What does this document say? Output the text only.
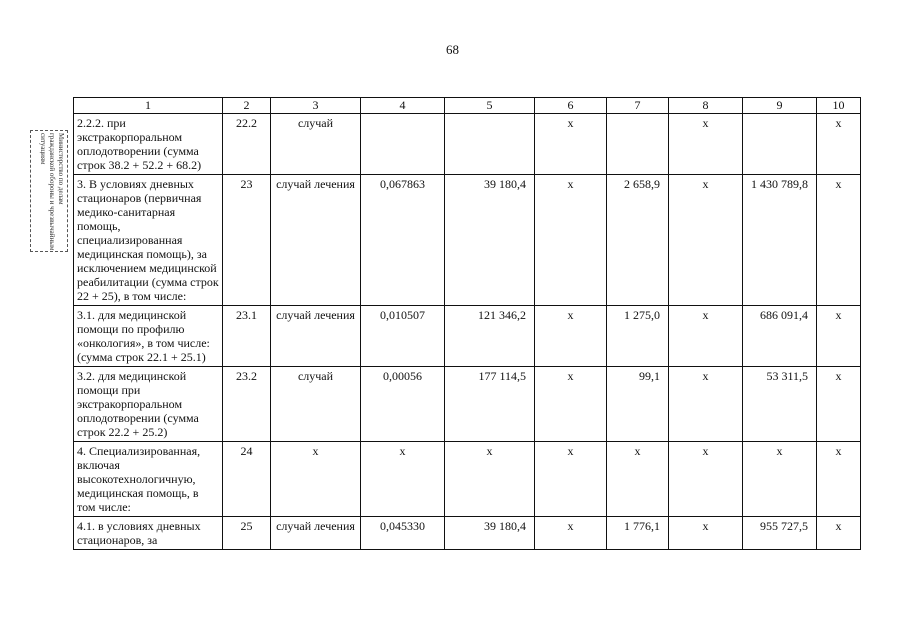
68
Министерство по делам
гражданской обороны и чрезвычайным
ситуациям
1	2	3	4	5	6	7	8	9	10
2.2.2. при экстракорпоральном оплодотворении (сумма строк 38.2 + 52.2 + 68.2)	22.2	случай			х		х		х
3. В условиях дневных стационаров (первичная медико-санитарная помощь, специализированная медицинская помощь), за исключением медицинской реабилитации (сумма строк 22 + 25), в том числе:	23	случай лечения	0,067863	39 180,4	х	2 658,9	х	1 430 789,8	х
3.1. для медицинской помощи по профилю «онкология», в том числе: (сумма строк 22.1 + 25.1)	23.1	случай лечения	0,010507	121 346,2	х	1 275,0	х	686 091,4	х
3.2. для медицинской помощи при экстракорпоральном оплодотворении (сумма строк 22.2 + 25.2)	23.2	случай	0,00056	177 114,5	х	99,1	х	53 311,5	х
4. Специализированная, включая высокотехнологичную, медицинская помощь, в том числе:	24	х	х	х	х	х	х	х	х
4.1. в условиях дневных стационаров, за	25	случай лечения	0,045330	39 180,4	х	1 776,1	х	955 727,5	х
